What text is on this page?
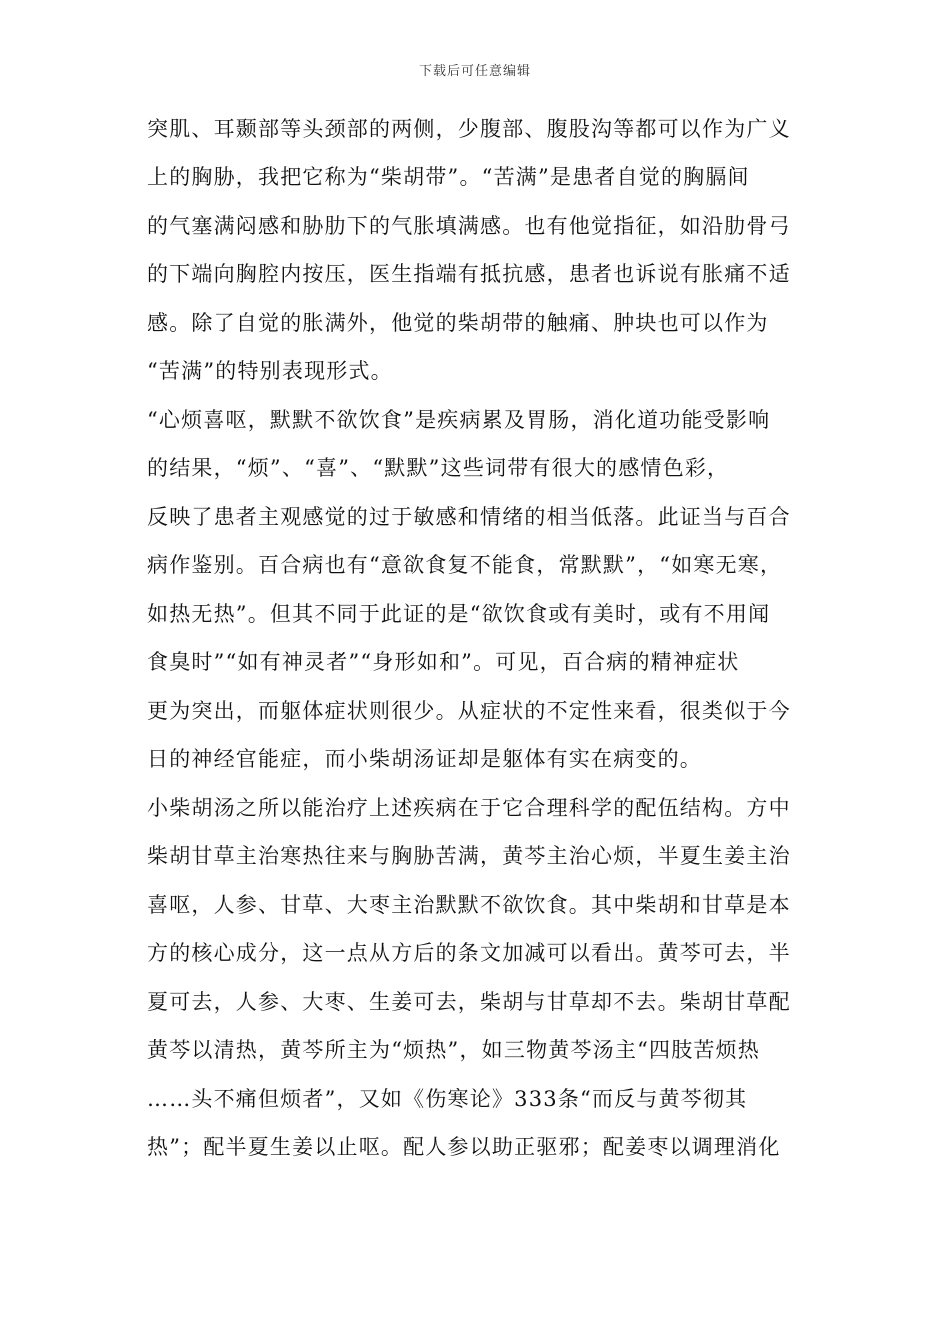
下载后可任意编辑
突肌、耳颞部等头颈部的两侧，少腹部、腹股沟等都可以作为广义
上的胸胁，我把它称为“柴胡带”。“苦满”是患者自觉的胸膈间
的气塞满闷感和胁肋下的气胀填满感。也有他觉指征，如沿肋骨弓
的下端向胸腔内按压，医生指端有抵抗感，患者也诉说有胀痛不适
感。除了自觉的胀满外，他觉的柴胡带的触痛、肿块也可以作为
“苦满”的特别表现形式。
“心烦喜呕，默默不欲饮食”是疾病累及胃肠，消化道功能受影响
的结果，“烦”、“喜”、“默默”这些词带有很大的感情色彩，
反映了患者主观感觉的过于敏感和情绪的相当低落。此证当与百合
病作鉴别。百合病也有“意欲食复不能食，常默默”，“如寒无寒，
如热无热”。但其不同于此证的是“欲饮食或有美时，或有不用闻
食臭时”“如有神灵者”“身形如和”。可见，百合病的精神症状
更为突出，而躯体症状则很少。从症状的不定性来看，很类似于今
日的神经官能症，而小柴胡汤证却是躯体有实在病变的。
小柴胡汤之所以能治疗上述疾病在于它合理科学的配伍结构。方中
柴胡甘草主治寒热往来与胸胁苦满，黄芩主治心烦，半夏生姜主治
喜呕，人参、甘草、大枣主治默默不欲饮食。其中柴胡和甘草是本
方的核心成分，这一点从方后的条文加减可以看出。黄芩可去，半
夏可去，人参、大枣、生姜可去，柴胡与甘草却不去。柴胡甘草配
黄芩以清热，黄芩所主为“烦热”，如三物黄芩汤主“四肢苦烦热
……头不痛但烦者”，又如《伤寒论》333条“而反与黄芩彻其
热”；配半夏生姜以止呕。配人参以助正驱邪；配姜枣以调理消化
